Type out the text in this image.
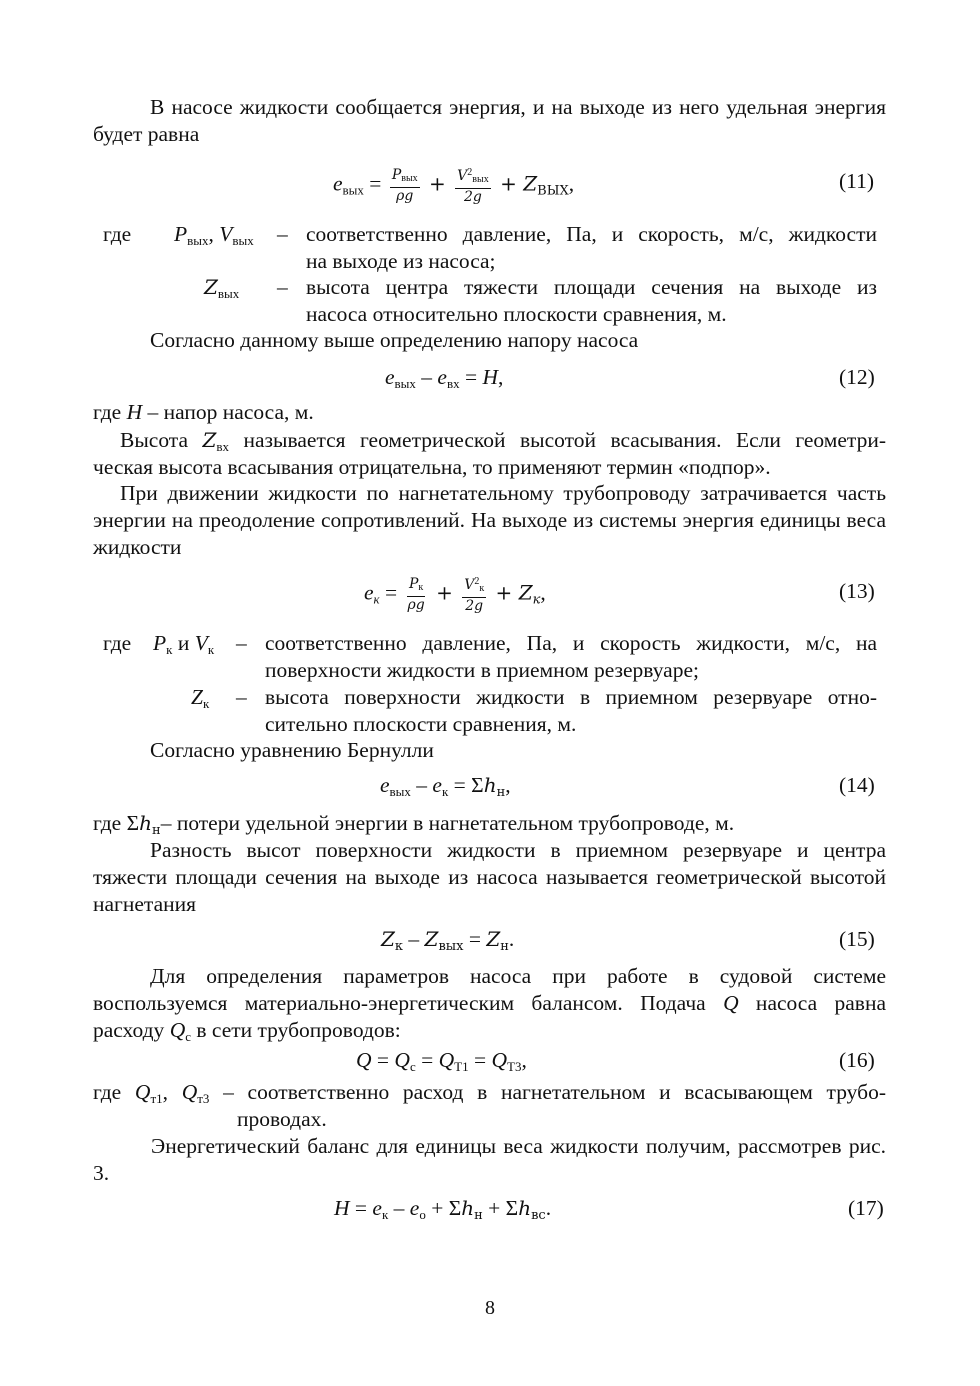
В насосе жидкости сообщается энергия, и на выходе из него удельная энергия будет равна
$e_{вых} = \frac{\text{Pвых}}{\rho g} + \frac{V^2вых}{2g}$ + ZВЫХ,	(11)
где $P_{вых}$, $V_{вых}$ – соответственно давление, Па, и скорость, м/с, жидкости
на выходе из насоса;
$Z_{вых}$ – высота центра тяжести площади сечения на выходе из
насоса относительно плоскости сравнения, м.
Согласно данному выше определению напору насоса
$e_{вых} - e_{вх} = H$,	(12)
где H – напор насоса, м.
Высота $Z_{вх}$ называется геометрической высотой всасывания. Если геометри-
ческая высота всасывания отрицательна, то применяют термин «подпор».
При движении жидкости по нагнетательному трубопроводу затрачивается часть энергии на преодоление сопротивлений. На выходе из системы энергия единицы веса жидкости
$e_к = \frac{Pк}{\rho g} + \frac{V^2к}{2g}$ + Zк,	(13)
где $P_к$ и $V_к$ – соответственно давление, Па, и скорость жидкости, м/с, на
поверхности жидкости в приемном резервуаре;
$Z_к$ – высота поверхности жидкости в приемном резервуаре отно-
сительно плоскости сравнения, м.
Согласно уравнению Бернулли
$e_{вых} - e_к = \Sigma hн$,	(14)
где Σhн– потери удельной энергии в нагнетательном трубопроводе, м.
Разность высот поверхности жидкости в приемном резервуаре и центра тяжести площади сечения на выходе из насоса называется геометрической высотой нагнетания
Zк – Zвых = Zн.	(15)
Для определения параметров насоса при работе в судовой системе воспользуемся материально-энергетическим балансом. Подача Q насоса равна расходу $Q_с$ в сети трубопроводов:
$Q = Q_с = Q_{Т1} = Q_{Т3}$,	(16)
где $Q_{т1}$, $Q_{т3}$ – соответственно расход в нагнетательном и всасывающем трубо-
проводах.
Энергетический баланс для единицы веса жидкости получим, рассмотрев рис. 3.
$H = e_к - e_о + \Sigma hн + \Sigma hвс$.	(17)
8
